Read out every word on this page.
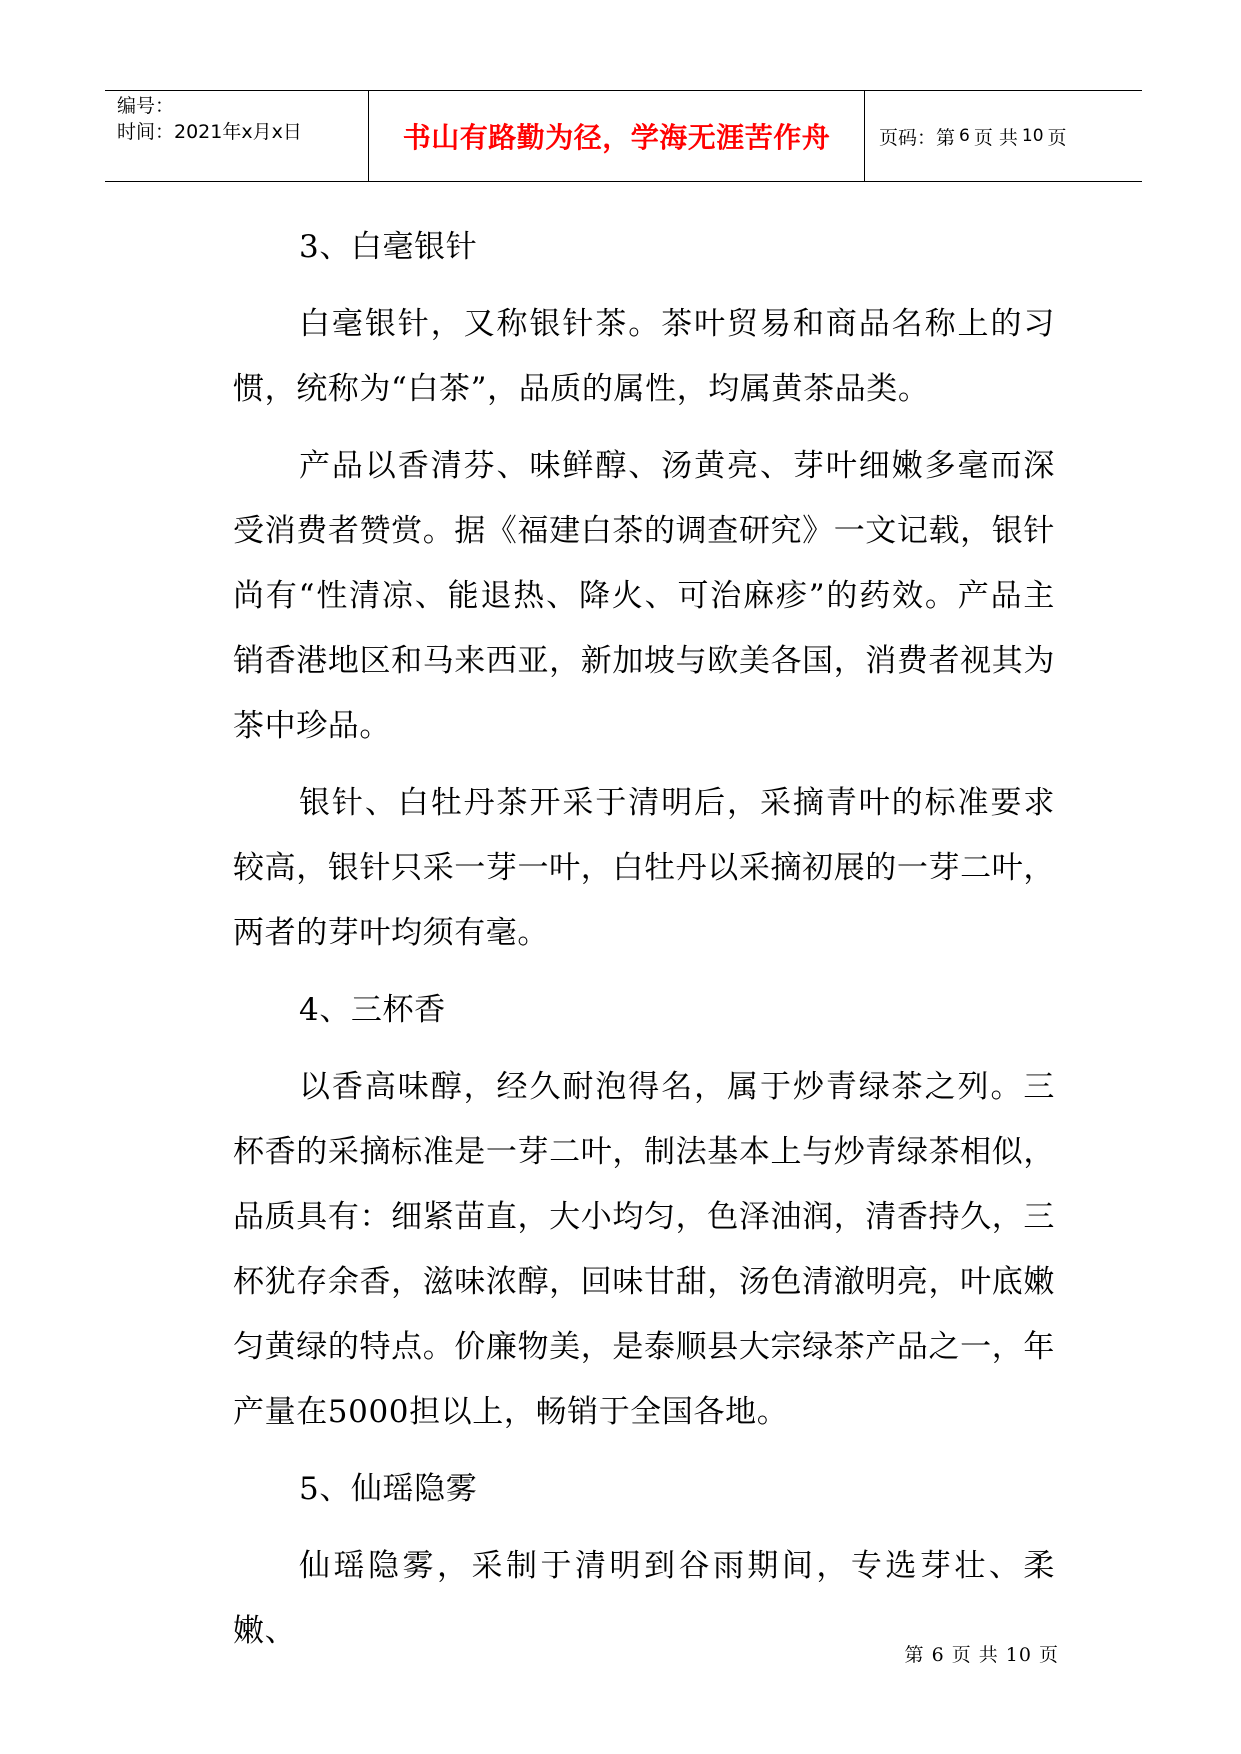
编号：
时间：2021年x月x日	书山有路勤为径，学海无涯苦作舟	页码：第 6 页 共 10 页

3、白毫银针

白毫银针，又称银针茶。茶叶贸易和商品名称上的习惯，统称为“白茶”，品质的属性，均属黄茶品类。

产品以香清芬、味鲜醇、汤黄亮、芽叶细嫩多毫而深受消费者赞赏。据《福建白茶的调查研究》一文记载，银针尚有“性清凉、能退热、降火、可治麻疹”的药效。产品主销香港地区和马来西亚，新加坡与欧美各国，消费者视其为茶中珍品。

银针、白牡丹茶开采于清明后，采摘青叶的标准要求较高，银针只采一芽一叶，白牡丹以采摘初展的一芽二叶，两者的芽叶均须有毫。

4、三杯香

以香高味醇，经久耐泡得名，属于炒青绿茶之列。三杯香的采摘标准是一芽二叶，制法基本上与炒青绿茶相似，品质具有：细紧苗直，大小均匀，色泽油润，清香持久，三杯犹存余香，滋味浓醇，回味甘甜，汤色清澈明亮，叶底嫩匀黄绿的特点。价廉物美，是泰顺县大宗绿茶产品之一，年产量在5000担以上，畅销于全国各地。

5、仙瑶隐雾

仙瑶隐雾，采制于清明到谷雨期间，专选芽壮、柔嫩、

第 6 页 共 10 页
